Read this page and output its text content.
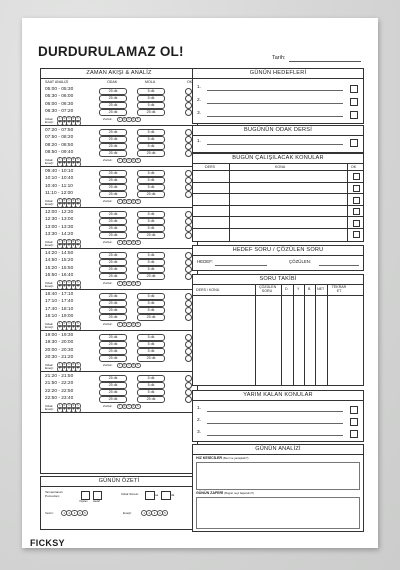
DURDURULAMAZ OL!	Tarih:
ZAMAN AKIŞI & ANALİZ
SAAT ANALİZİ	ODAK	MOLA	OK
05:00 - 05:30	25 dk	5 dk
05:30 - 06:00	25 dk	5 dk
06:00 - 06:30	25 dk	5 dk
06:30 - 07:20	25 dk	25 dk
Odak:
Enerji:
1
1
2
2
3
3
4
4
5
5
Zorluk:	1	2	3	4	5
07:20 - 07:50	25 dk	5 dk
07:50 - 08:20	25 dk	5 dk
08:20 - 08:50	25 dk	5 dk
08:50 - 09:40	25 dk	25 dk
Odak:
Enerji:
1
1
2
2
3
3
4
4
5
5
Zorluk:	1	2	3	4	5
09:40 - 10:10	25 dk	5 dk
10:10 - 10:40	25 dk	5 dk
10:40 - 11:10	25 dk	5 dk
11:10 - 12:00	25 dk	25 dk
Odak:
Enerji:
1
1
2
2
3
3
4
4
5
5
Zorluk:	1	2	3	4	5
12:00 - 12:30	25 dk	5 dk
12:30 - 13:00	25 dk	5 dk
13:00 - 13:30	25 dk	5 dk
13:30 - 14:20	25 dk	25 dk
Odak:
Enerji:
1
1
2
2
3
3
4
4
5
5
Zorluk:	1	2	3	4	5
14:20 - 14:50	25 dk	5 dk
14:50 - 15:20	25 dk	5 dk
15:20 - 15:50	25 dk	5 dk
15:50 - 16:40	25 dk	25 dk
Odak:
Enerji:
1
1
2
2
3
3
4
4
5
5
Zorluk:	1	2	3	4	5
16:40 - 17:10	25 dk	5 dk
17:10 - 17:40	25 dk	5 dk
17:40 - 18:10	25 dk	5 dk
18:10 - 19:00	25 dk	25 dk
Odak:
Enerji:
1
1
2
2
3
3
4
4
5
5
Zorluk:	1	2	3	4	5
19:00 - 19:30	25 dk	5 dk
19:30 - 20:00	25 dk	5 dk
20:00 - 20:30	25 dk	5 dk
20:30 - 21:20	25 dk	25 dk
Odak:
Enerji:
1
1
2
2
3
3
4
4
5
5
Zorluk:	1	2	3	4	5
21:20 - 21:50	25 dk	5 dk
21:50 - 22:20	25 dk	5 dk
22:20 - 22:50	25 dk	5 dk
22:50 - 23:40	25 dk	25 dk
Odak:
Enerji:
1
1
2
2
3
3
4
4
5
5
Zorluk:	1	2	3	4	5
GÜNÜN ÖZETİ
Tamamlanan Pomodoro:	/
Yapılan Hedef
Odak Süresi:	sa	dk
Verim:	1	2	3	4	5	Enerji:	1	2	3	4	5
GÜNÜN HEDEFLERİ
1.
2.
3.
BUGÜNÜN ODAK DERSİ
1.
BUGÜN ÇALIŞILACAK KONULAR
DERS	KONU	OK
HEDEF SORU / ÇÖZÜLEN SORU
HEDEF:	ÇÖZÜLEN:
SORU TAKİBİ
DERS / KONU
ÇÖZÜLEN SORU	D	Y B NET	TEKRAR ET
YARIM KALAN KONULAR
1.
2.
3.
GÜNÜN ANALİZİ
HIZ KESİCİLER (Beni ne yavaşlattı?)
GÜNÜN ZAFERİ (Bugün neyi başardım?)
FICKSY
